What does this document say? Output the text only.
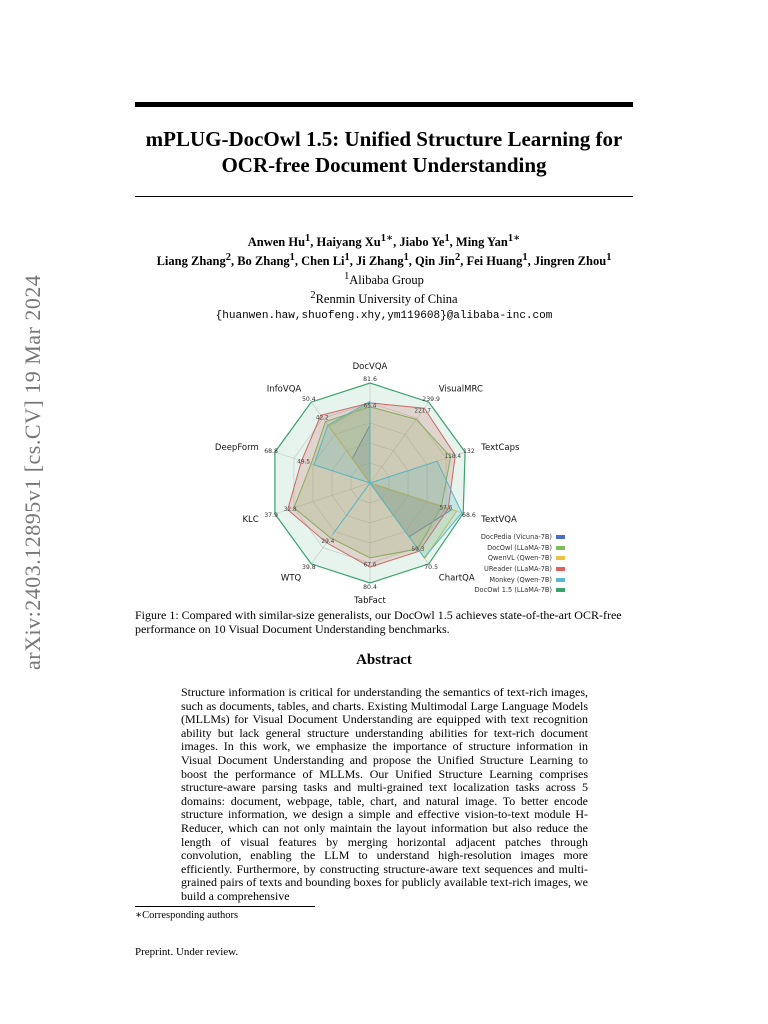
arXiv:2403.12895v1 [cs.CV] 19 Mar 2024
mPLUG-DocOwl 1.5: Unified Structure Learning for
OCR-free Document Understanding
Anwen Hu$^1$, Haiyang $Xu^{1∗}$, Jiabo Ye$^1$, Ming Yan$^{1∗}$
Liang Zhang$^2$, Bo Zhang$^1$, Chen Li$^1$, Ji Zhang$^1$, Qin Jin$^2$, Fei Huang$^1$, Jingren Zhou$^1$
$^1$Alibaba Group
$^2$Renmin University of China
{huanwen.haw,shuofeng.xhy,ym119608}@alibaba-inc.com
DocVQA
VisualMRC
TextCaps
TextVQA
ChartQA
TabFact
WTQ
KLC
DeepForm
InfoVQA
81.6
239.9
132
68.6
70.5
80.4
39.8
37.9
68.8
50.4
65.4
221.7
118.4
57.6
59.3
67.6
29.4
32.8
49.5
42.2
DocPedia (Vicuna-7B)
DocOwl (LLaMA-7B)
QwenVL (Qwen-7B)
UReader (LLaMA-7B)
Monkey (Qwen-7B)
DocOwl 1.5 (LLaMA-7B)
Figure 1: Compared with similar-size generalists, our DocOwl 1.5 achieves state-of-the-art OCR-free performance on 10 Visual Document Understanding benchmarks.
Abstract
Structure information is critical for understanding the semantics of text-rich images, such as documents, tables, and charts. Existing Multimodal Large Language Models (MLLMs) for Visual Document Understanding are equipped with text recognition ability but lack general structure understanding abilities for text-rich document images. In this work, we emphasize the importance of structure information in Visual Document Understanding and propose the Unified Structure Learning to boost the performance of MLLMs. Our Unified Structure Learning comprises structure-aware parsing tasks and multi-grained text localization tasks across 5 domains: document, webpage, table, chart, and natural image. To better encode structure information, we design a simple and effective vision-to-text module H-Reducer, which can not only maintain the layout information but also reduce the length of visual features by merging horizontal adjacent patches through convolution, enabling the LLM to understand high-resolution images more efficiently. Furthermore, by constructing structure-aware text sequences and multi-grained pairs of texts and bounding boxes for publicly available text-rich images, we build a comprehensive
∗Corresponding authors
Preprint. Under review.
